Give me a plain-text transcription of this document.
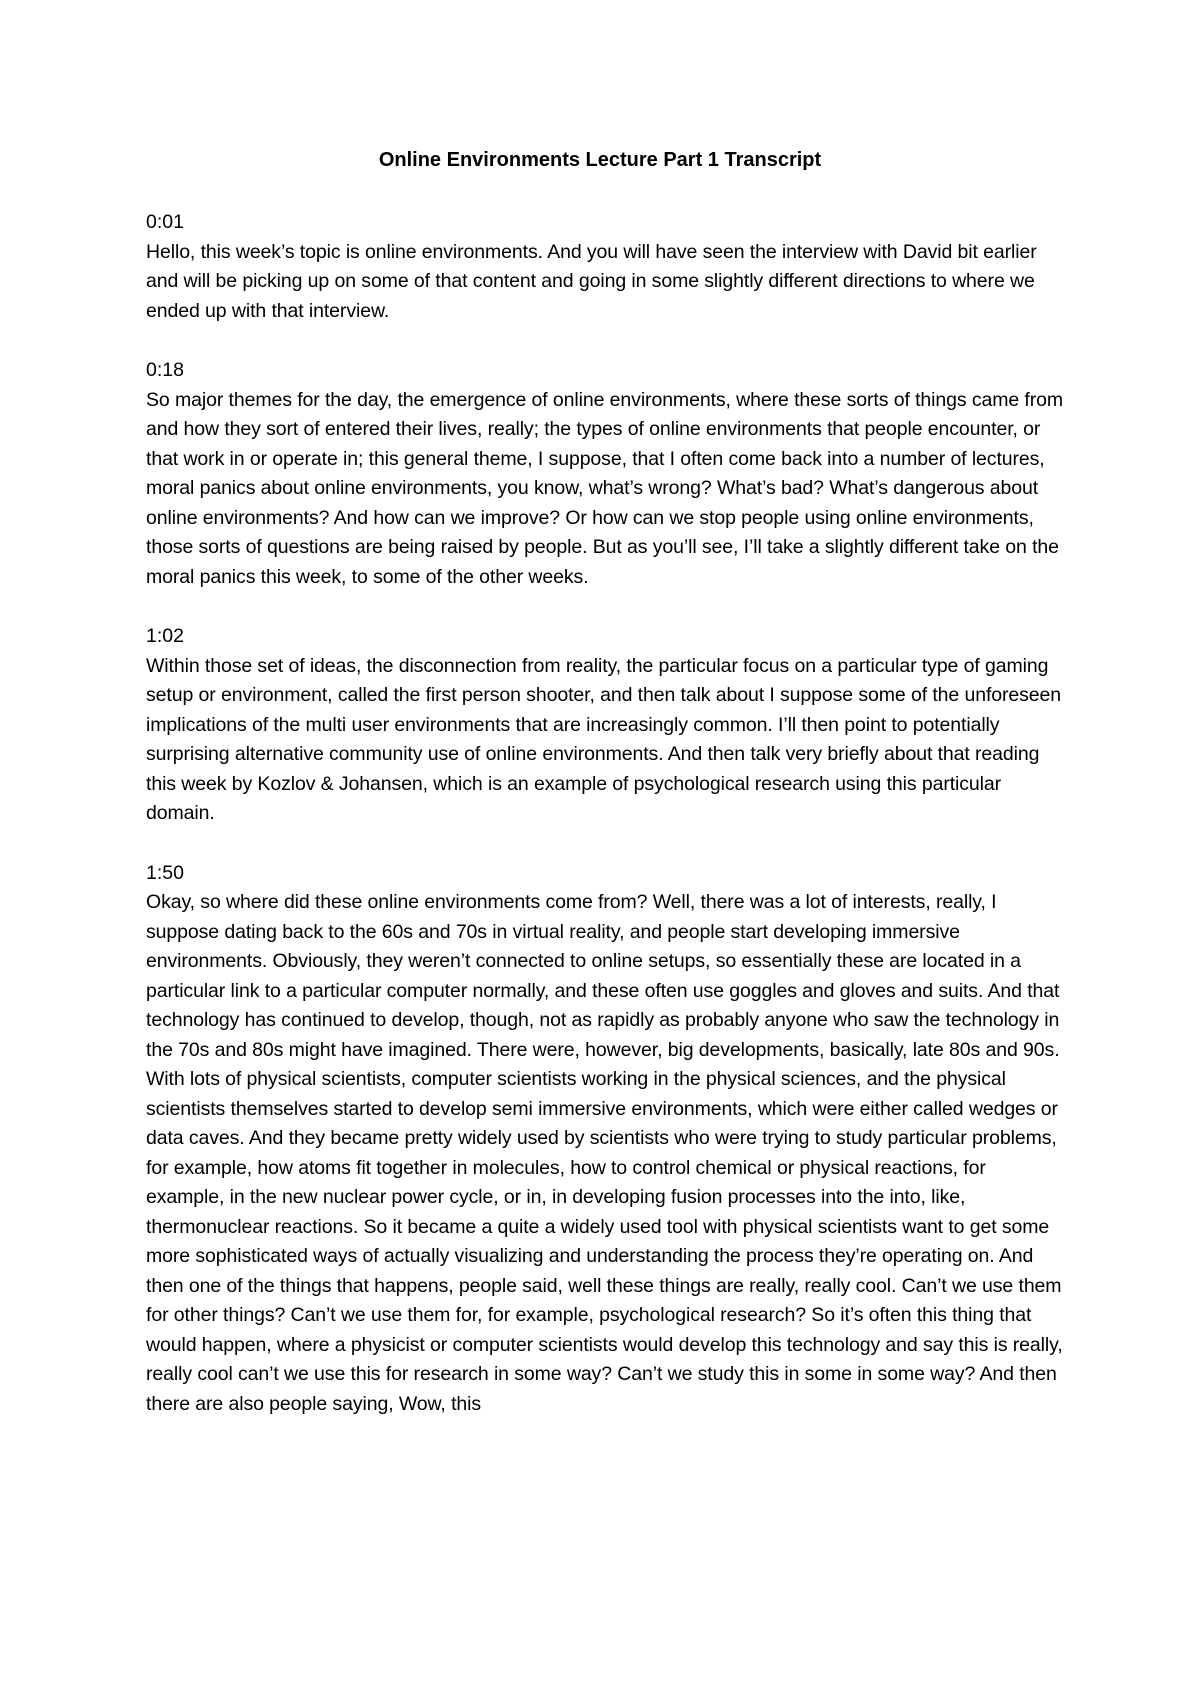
Online Environments Lecture Part 1 Transcript

0:01

Hello, this week’s topic is online environments. And you will have seen the interview with David bit earlier and will be picking up on some of that content and going in some slightly different directions to where we ended up with that interview.

0:18

So major themes for the day, the emergence of online environments, where these sorts of things came from and how they sort of entered their lives, really; the types of online environments that people encounter, or that work in or operate in; this general theme, I suppose, that I often come back into a number of lectures, moral panics about online environments, you know, what’s wrong? What’s bad? What’s dangerous about online environments? And how can we improve? Or how can we stop people using online environments, those sorts of questions are being raised by people. But as you’ll see, I’ll take a slightly different take on the moral panics this week, to some of the other weeks.

1:02

Within those set of ideas, the disconnection from reality, the particular focus on a particular type of gaming setup or environment, called the first person shooter, and then talk about I suppose some of the unforeseen implications of the multi user environments that are increasingly common. I’ll then point to potentially surprising alternative community use of online environments. And then talk very briefly about that reading this week by Kozlov & Johansen, which is an example of psychological research using this particular domain.

1:50

Okay, so where did these online environments come from? Well, there was a lot of interests, really, I suppose dating back to the 60s and 70s in virtual reality, and people start developing immersive environments. Obviously, they weren’t connected to online setups, so essentially these are located in a particular link to a particular computer normally, and these often use goggles and gloves and suits. And that technology has continued to develop, though, not as rapidly as probably anyone who saw the technology in the 70s and 80s might have imagined. There were, however, big developments, basically, late 80s and 90s. With lots of physical scientists, computer scientists working in the physical sciences, and the physical scientists themselves started to develop semi immersive environments, which were either called wedges or data caves. And they became pretty widely used by scientists who were trying to study particular problems, for example, how atoms fit together in molecules, how to control chemical or physical reactions, for example, in the new nuclear power cycle, or in, in developing fusion processes into the into, like, thermonuclear reactions. So it became a quite a widely used tool with physical scientists want to get some more sophisticated ways of actually visualizing and understanding the process they’re operating on. And then one of the things that happens, people said, well these things are really, really cool. Can’t we use them for other things? Can’t we use them for, for example, psychological research? So it’s often this thing that would happen, where a physicist or computer scientists would develop this technology and say this is really, really cool can’t we use this for research in some way? Can’t we study this in some in some way? And then there are also people saying, Wow, this
